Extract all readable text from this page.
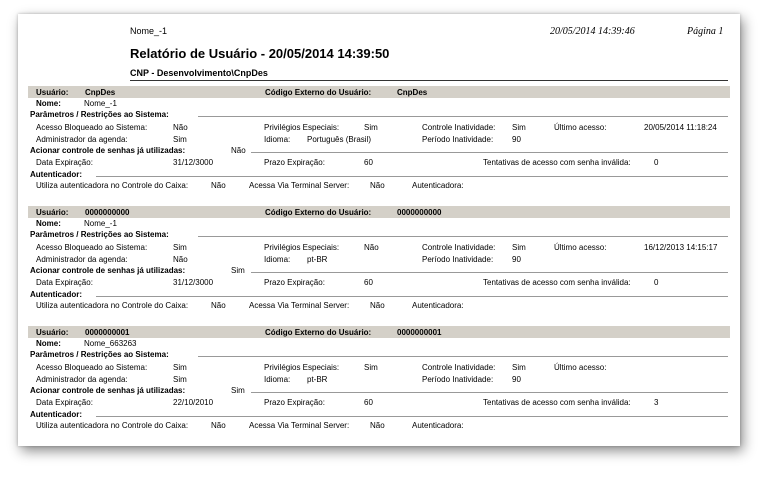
Nome_-1	20/05/2014 14:39:46	Página 1
Relatório de Usuário - 20/05/2014 14:39:50
CNP - Desenvolvimento\CnpDes
Usuário: CnpDes	Código Externo do Usuário:	CnpDes
Nome:	Nome_-1
Parâmetros / Restrições ao Sistema:
Acesso Bloqueado ao Sistema:	Não	Privilégios Especiais:	Sim	Controle Inatividade: Sim	Último acesso:	20/05/2014 11:18:24
Administrador da agenda:	Sim	Idioma: Português (Brasil)	Período Inatividade: 90
Acionar controle de senhas já utilizadas:	Não
Data Expiração:	31/12/3000	Prazo Expiração:	60	Tentativas de acesso com senha inválida:	0
Autenticador:
Utiliza autenticadora no Controle do Caixa:	Não	Acessa Via Terminal Server:	Não	Autenticadora:
Usuário: 0000000000	Código Externo do Usuário:	0000000000
Nome:	Nome_-1
Parâmetros / Restrições ao Sistema:
Acesso Bloqueado ao Sistema:	Sim	Privilégios Especiais:	Não	Controle Inatividade: Sim	Último acesso:	16/12/2013 14:15:17
Administrador da agenda:	Não	Idioma: pt-BR	Período Inatividade: 90
Acionar controle de senhas já utilizadas:	Sim
Data Expiração:	31/12/3000	Prazo Expiração:	60	Tentativas de acesso com senha inválida:	0
Autenticador:
Utiliza autenticadora no Controle do Caixa:	Não	Acessa Via Terminal Server:	Não	Autenticadora:
Usuário: 0000000001	Código Externo do Usuário:	0000000001
Nome:	Nome_663263
Parâmetros / Restrições ao Sistema:
Acesso Bloqueado ao Sistema:	Sim	Privilégios Especiais:	Sim	Controle Inatividade: Sim	Último acesso:
Administrador da agenda:	Sim	Idioma: pt-BR	Período Inatividade: 90
Acionar controle de senhas já utilizadas:	Sim
Data Expiração:	22/10/2010	Prazo Expiração:	60	Tentativas de acesso com senha inválida:	3
Autenticador:
Utiliza autenticadora no Controle do Caixa:	Não	Acessa Via Terminal Server:	Não	Autenticadora:
